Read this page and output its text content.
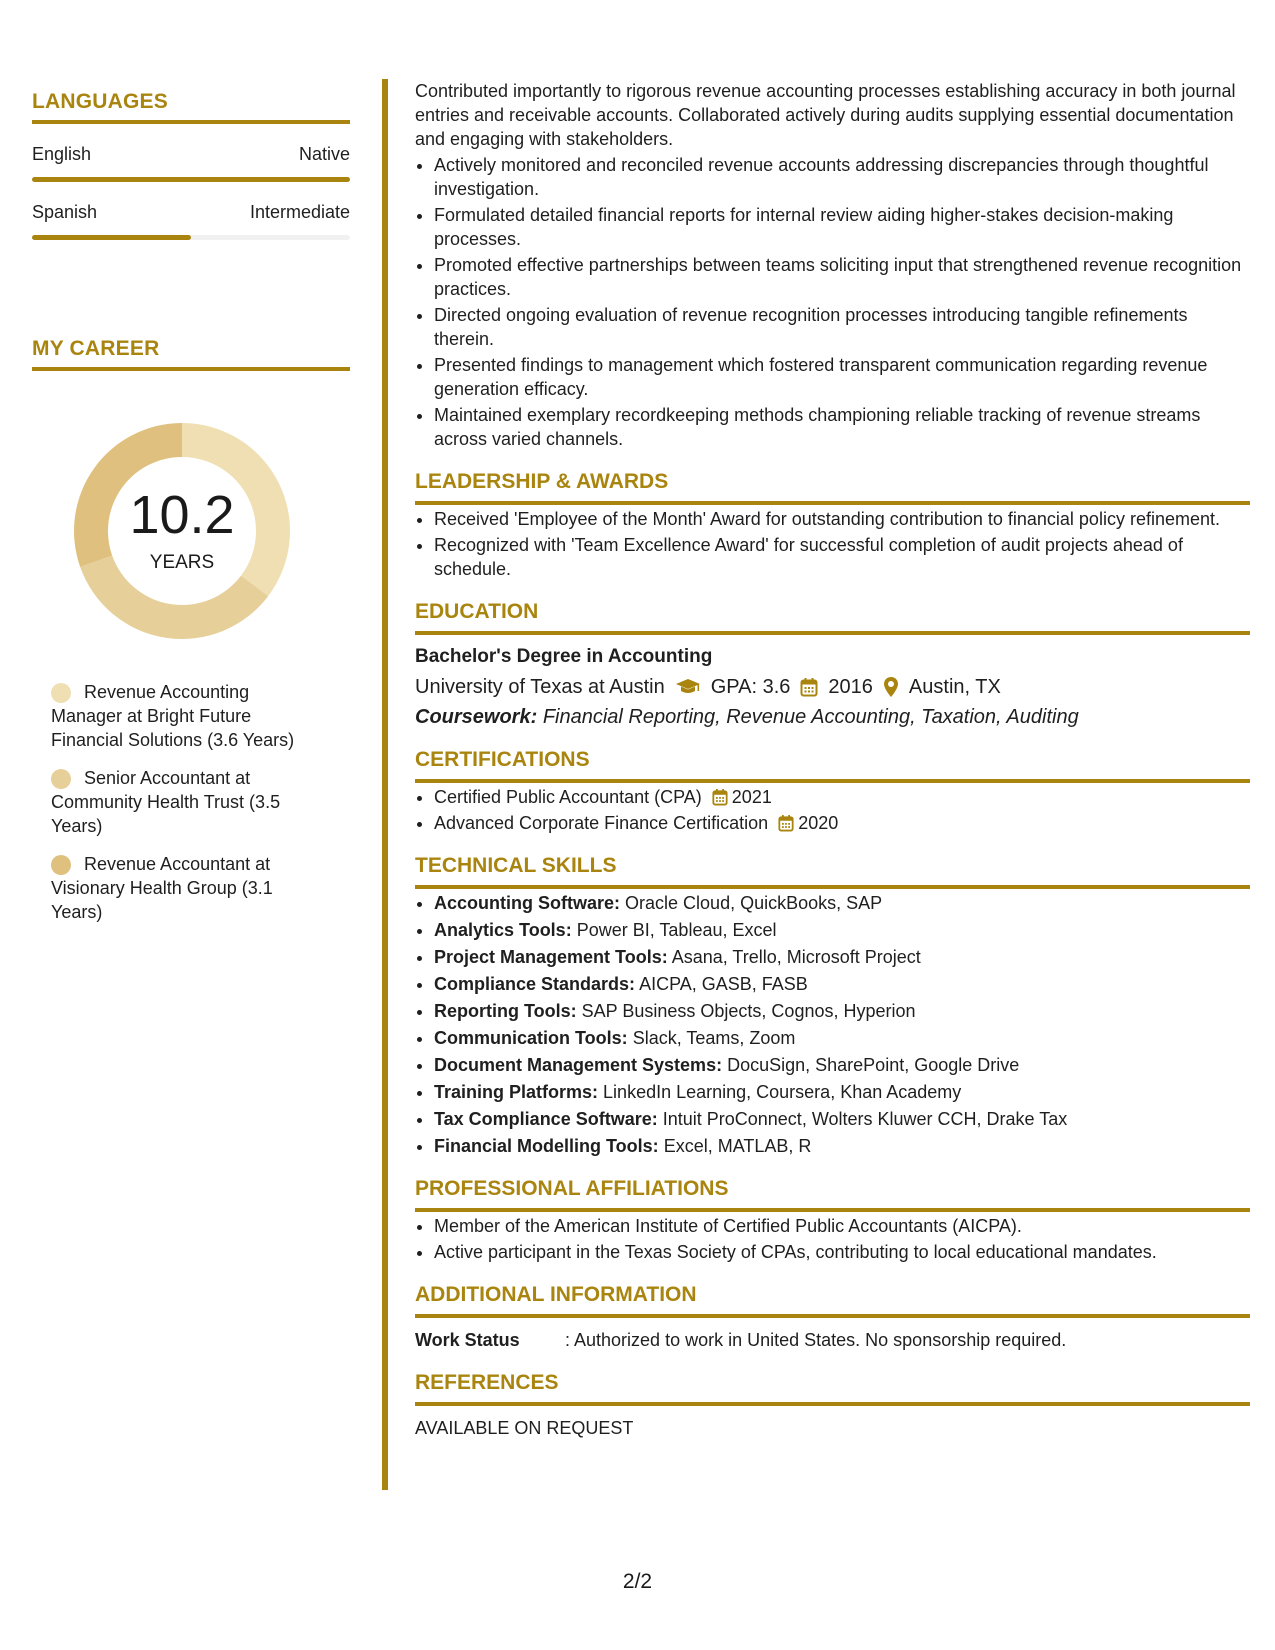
LANGUAGES
English	Native
Spanish	Intermediate
MY CAREER
10.2
YEARS
Revenue Accounting Manager at Bright Future Financial Solutions (3.6 Years)
Senior Accountant at Community Health Trust (3.5 Years)
Revenue Accountant at Visionary Health Group (3.1 Years)

Contributed importantly to rigorous revenue accounting processes establishing accuracy in both journal entries and receivable accounts. Collaborated actively during audits supplying essential documentation and engaging with stakeholders.

• Actively monitored and reconciled revenue accounts addressing discrepancies through thoughtful investigation.
• Formulated detailed financial reports for internal review aiding higher-stakes decision-making processes.
• Promoted effective partnerships between teams soliciting input that strengthened revenue recognition practices.
• Directed ongoing evaluation of revenue recognition processes introducing tangible refinements therein.
• Presented findings to management which fostered transparent communication regarding revenue generation efficacy.
• Maintained exemplary recordkeeping methods championing reliable tracking of revenue streams across varied channels.
LEADERSHIP & AWARDS
• Received 'Employee of the Month' Award for outstanding contribution to financial policy refinement.
• Recognized with 'Team Excellence Award' for successful completion of audit projects ahead of schedule.
EDUCATION
Bachelor's Degree in Accounting
University of Texas at Austin GPA: 3.6 2016 Austin, TX
Coursework: Financial Reporting, Revenue Accounting, Taxation, Auditing
CERTIFICATIONS
• Certified Public Accountant (CPA) 2021
• Advanced Corporate Finance Certification 2020
TECHNICAL SKILLS
• Accounting Software: Oracle Cloud, QuickBooks, SAP
• Analytics Tools: Power BI, Tableau, Excel
• Project Management Tools: Asana, Trello, Microsoft Project
• Compliance Standards: AICPA, GASB, FASB
• Reporting Tools: SAP Business Objects, Cognos, Hyperion
• Communication Tools: Slack, Teams, Zoom
• Document Management Systems: DocuSign, SharePoint, Google Drive
• Training Platforms: LinkedIn Learning, Coursera, Khan Academy
• Tax Compliance Software: Intuit ProConnect, Wolters Kluwer CCH, Drake Tax
• Financial Modelling Tools: Excel, MATLAB, R
PROFESSIONAL AFFILIATIONS
• Member of the American Institute of Certified Public Accountants (AICPA).
• Active participant in the Texas Society of CPAs, contributing to local educational mandates.
ADDITIONAL INFORMATION
Work Status	: Authorized to work in United States. No sponsorship required.
REFERENCES
AVAILABLE ON REQUEST
2/2
